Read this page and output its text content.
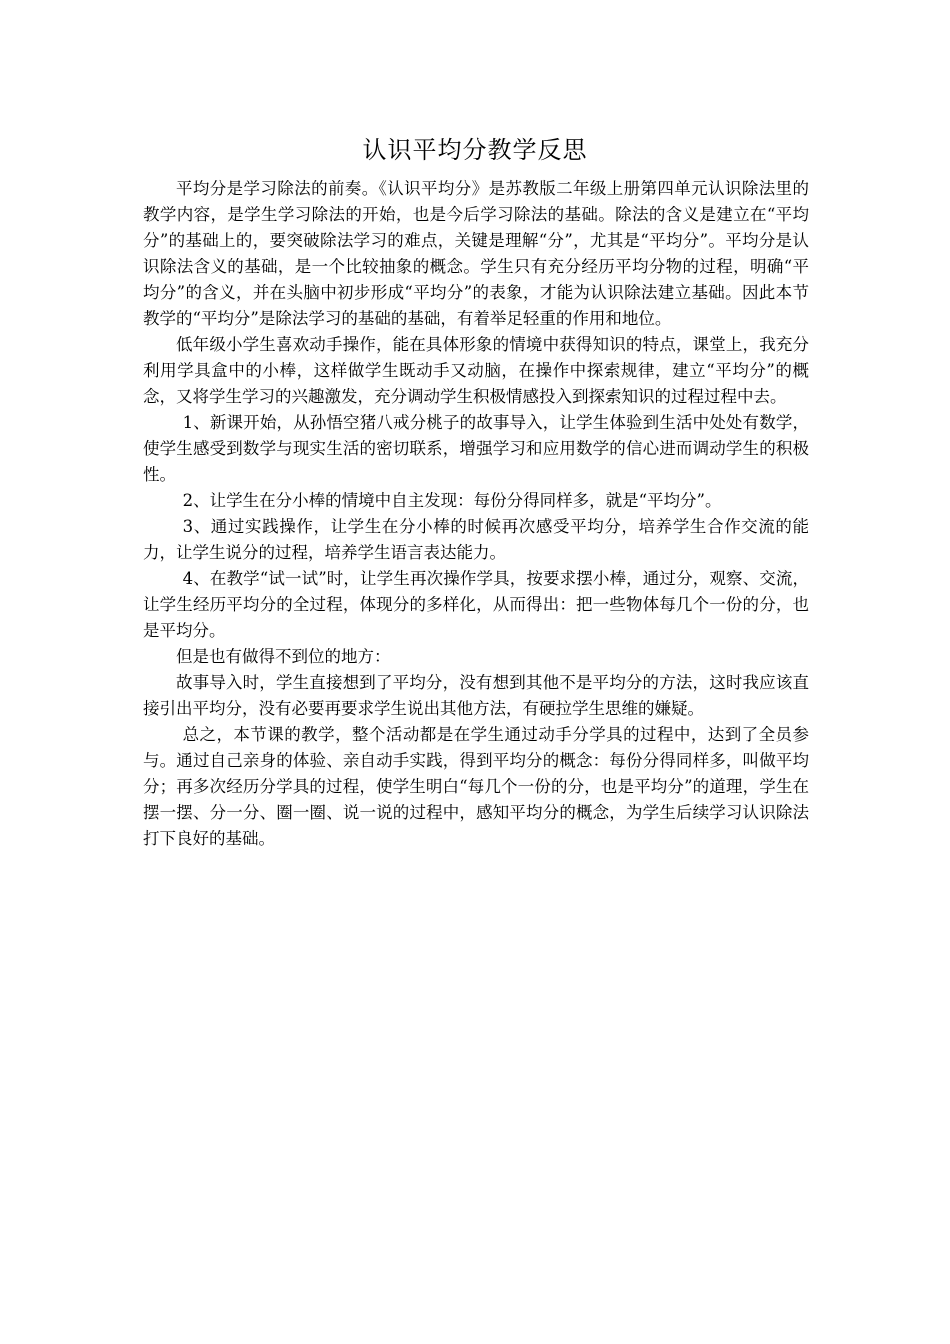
认识平均分教学反思

平均分是学习除法的前奏。《认识平均分》是苏教版二年级上册第四单元认识除法里的教学内容，是学生学习除法的开始，也是今后学习除法的基础。除法的含义是建立在“平均分”的基础上的，要突破除法学习的难点，关键是理解“分”，尤其是“平均分”。平均分是认识除法含义的基础，是一个比较抽象的概念。学生只有充分经历平均分物的过程，明确“平均分”的含义，并在头脑中初步形成“平均分”的表象，才能为认识除法建立基础。因此本节教学的“平均分”是除法学习的基础的基础，有着举足轻重的作用和地位。

低年级小学生喜欢动手操作，能在具体形象的情境中获得知识的特点，课堂上，我充分利用学具盒中的小棒，这样做学生既动手又动脑，在操作中探索规律，建立“平均分”的概念，又将学生学习的兴趣激发，充分调动学生积极情感投入到探索知识的过程过程中去。

1、新课开始，从孙悟空猪八戒分桃子的故事导入，让学生体验到生活中处处有数学，使学生感受到数学与现实生活的密切联系，增强学习和应用数学的信心进而调动学生的积极性。

2、让学生在分小棒的情境中自主发现：每份分得同样多，就是“平均分”。

3、通过实践操作，让学生在分小棒的时候再次感受平均分，培养学生合作交流的能力，让学生说分的过程，培养学生语言表达能力。

4、在教学“试一试”时，让学生再次操作学具，按要求摆小棒，通过分，观察、交流，让学生经历平均分的全过程，体现分的多样化，从而得出：把一些物体每几个一份的分，也是平均分。

但是也有做得不到位的地方：

故事导入时，学生直接想到了平均分，没有想到其他不是平均分的方法，这时我应该直接引出平均分，没有必要再要求学生说出其他方法，有硬拉学生思维的嫌疑。

总之，本节课的教学，整个活动都是在学生通过动手分学具的过程中，达到了全员参与。通过自己亲身的体验、亲自动手实践，得到平均分的概念：每份分得同样多，叫做平均分；再多次经历分学具的过程，使学生明白“每几个一份的分，也是平均分”的道理，学生在摆一摆、分一分、圈一圈、说一说的过程中，感知平均分的概念，为学生后续学习认识除法打下良好的基础。
